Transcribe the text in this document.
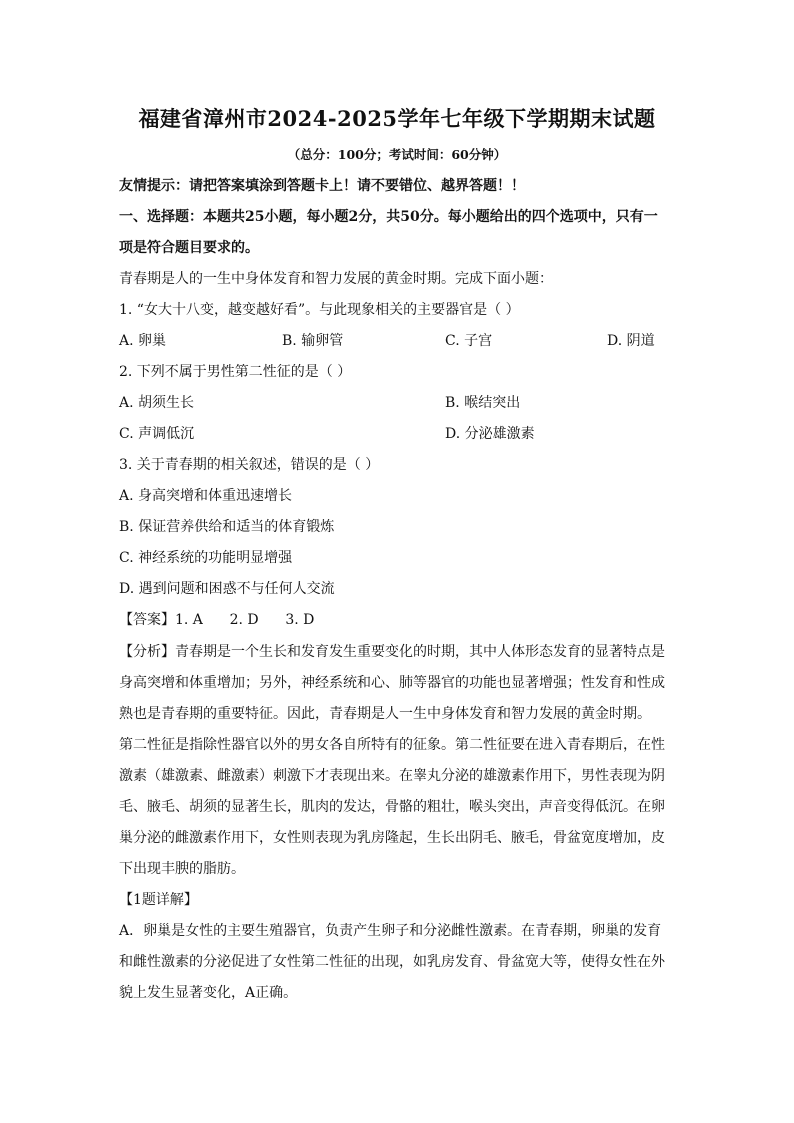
福建省漳州市2024-2025学年七年级下学期期末试题
（总分：100分；考试时间：60分钟）
友情提示：请把答案填涂到答题卡上！请不要错位、越界答题！！
一、选择题：本题共25小题，每小题2分，共50分。每小题给出的四个选项中，只有一
项是符合题目要求的。
青春期是人的一生中身体发育和智力发展的黄金时期。完成下面小题：
1. “女大十八变，越变越好看”。与此现象相关的主要器官是（ ）
A. 卵巢	B. 输卵管	C. 子宫	D. 阴道
2. 下列不属于男性第二性征的是（ ）
A. 胡须生长	B. 喉结突出
C. 声调低沉	D. 分泌雄激素
3. 关于青春期的相关叙述，错误的是（ ）
A. 身高突增和体重迅速增长
B. 保证营养供给和适当的体育锻炼
C. 神经系统的功能明显增强
D. 遇到问题和困惑不与任何人交流
【答案】1. A      2. D      3. D
【分析】青春期是一个生长和发育发生重要变化的时期，其中人体形态发育的显著特点是
身高突增和体重增加；另外，神经系统和心、肺等器官的功能也显著增强；性发育和性成
熟也是青春期的重要特征。因此，青春期是人一生中身体发育和智力发展的黄金时期。
第二性征是指除性器官以外的男女各自所特有的征象。第二性征要在进入青春期后，在性
激素（雄激素、雌激素）刺激下才表现出来。在睾丸分泌的雄激素作用下，男性表现为阴
毛、腋毛、胡须的显著生长，肌肉的发达，骨骼的粗壮，喉头突出，声音变得低沉。在卵
巢分泌的雌激素作用下，女性则表现为乳房隆起，生长出阴毛、腋毛，骨盆宽度增加，皮
下出现丰腴的脂肪。
【1题详解】
A．卵巢是女性的主要生殖器官，负责产生卵子和分泌雌性激素。在青春期，卵巢的发育
和雌性激素的分泌促进了女性第二性征的出现，如乳房发育、骨盆宽大等，使得女性在外
貌上发生显著变化，A正确。
